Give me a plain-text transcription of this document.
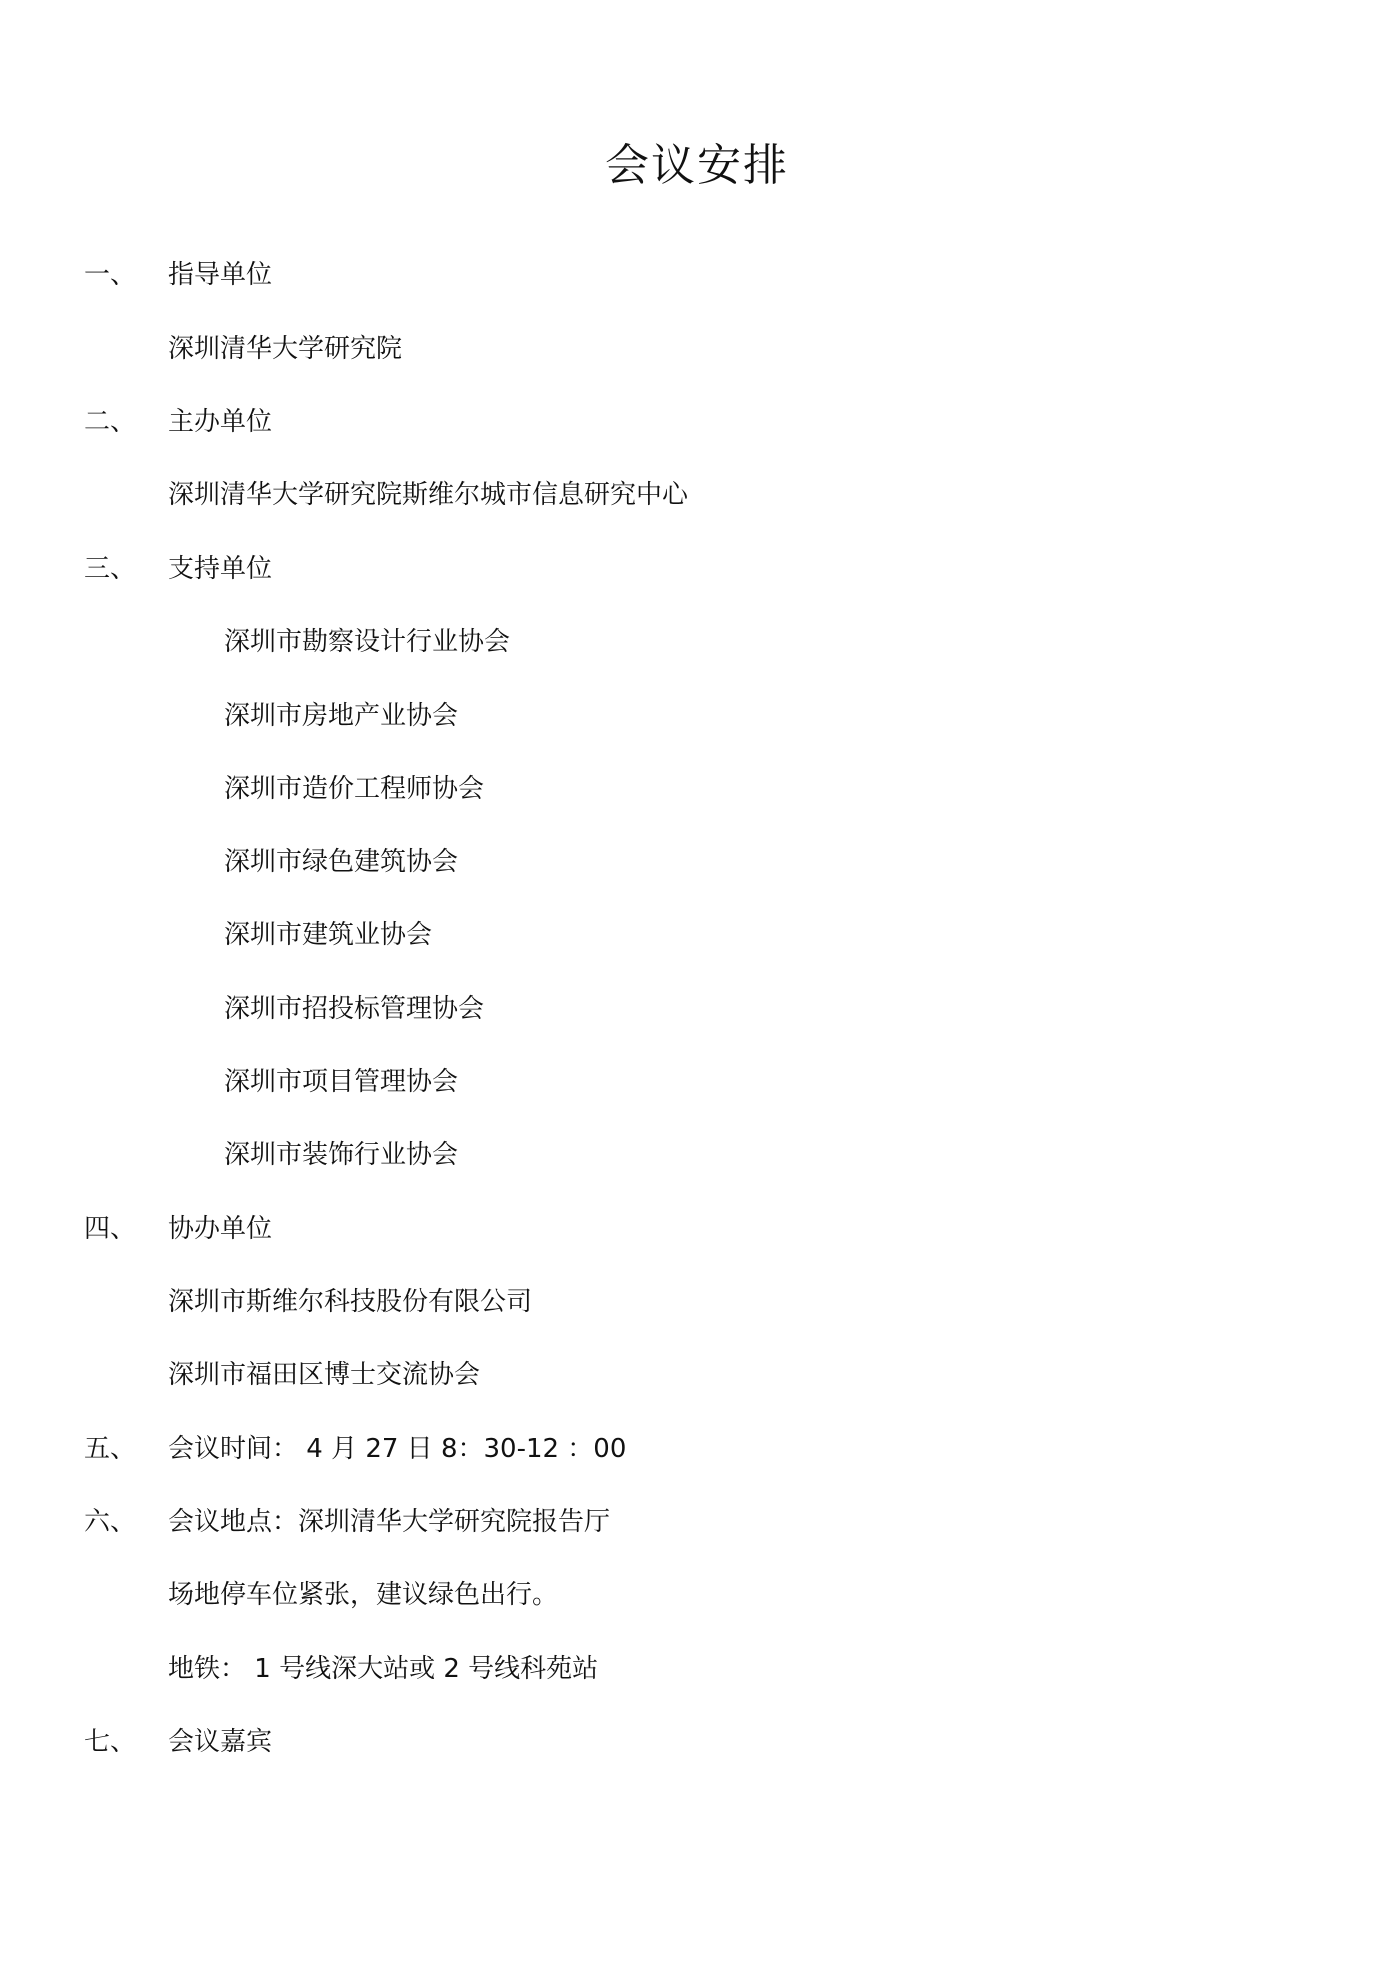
会议安排
一、 指导单位
深圳清华大学研究院
二、 主办单位
深圳清华大学研究院斯维尔城市信息研究中心
三、 支持单位
深圳市勘察设计行业协会
深圳市房地产业协会
深圳市造价工程师协会
深圳市绿色建筑协会
深圳市建筑业协会
深圳市招投标管理协会
深圳市项目管理协会
深圳市装饰行业协会
四、 协办单位
深圳市斯维尔科技股份有限公司
深圳市福田区博士交流协会
五、 会议时间： 4 月 27 日 8：30-12 ：00
六、 会议地点：深圳清华大学研究院报告厅
场地停车位紧张，建议绿色出行。
地铁： 1 号线深大站或 2 号线科苑站
七、 会议嘉宾
